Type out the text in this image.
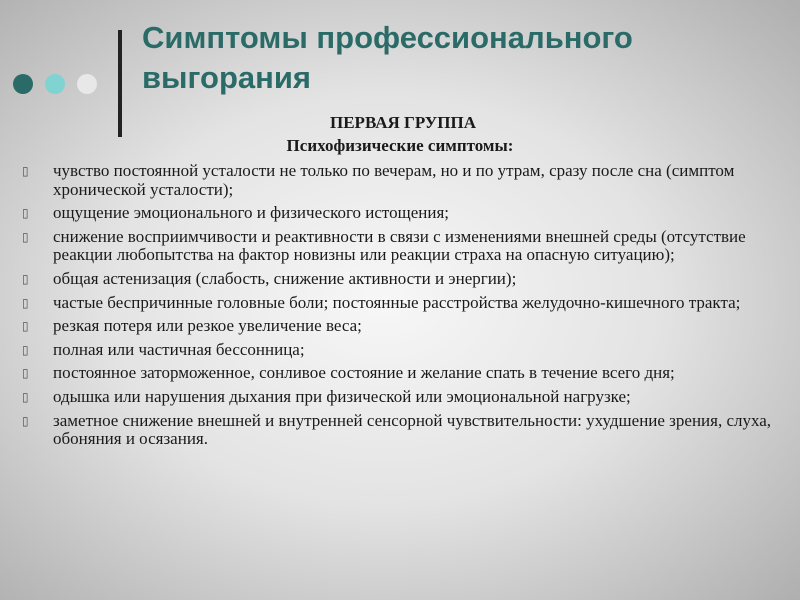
Симптомы профессионального выгорания
ПЕРВАЯ ГРУППА
Психофизические симптомы:
▯ чувство постоянной усталости не только по вечерам, но и по утрам, сразу после сна (симптом хронической усталости);
▯ ощущение эмоционального и физического истощения;
▯ снижение восприимчивости и реактивности в связи с изменениями внешней среды (отсутствие реакции любопытства на фактор новизны или реакции страха на опасную ситуацию);
▯ общая астенизация (слабость, снижение активности и энергии);
▯ частые беспричинные головные боли; постоянные расстройства желудочно-кишечного тракта;
▯ резкая потеря или резкое увеличение веса;
▯ полная или частичная бессонница;
▯ постоянное заторможенное, сонливое состояние и желание спать в течение всего дня;
▯ одышка или нарушения дыхания при физической или эмоциональной нагрузке;
▯ заметное снижение внешней и внутренней сенсорной чувствительности: ухудшение зрения, слуха, обоняния и осязания.
